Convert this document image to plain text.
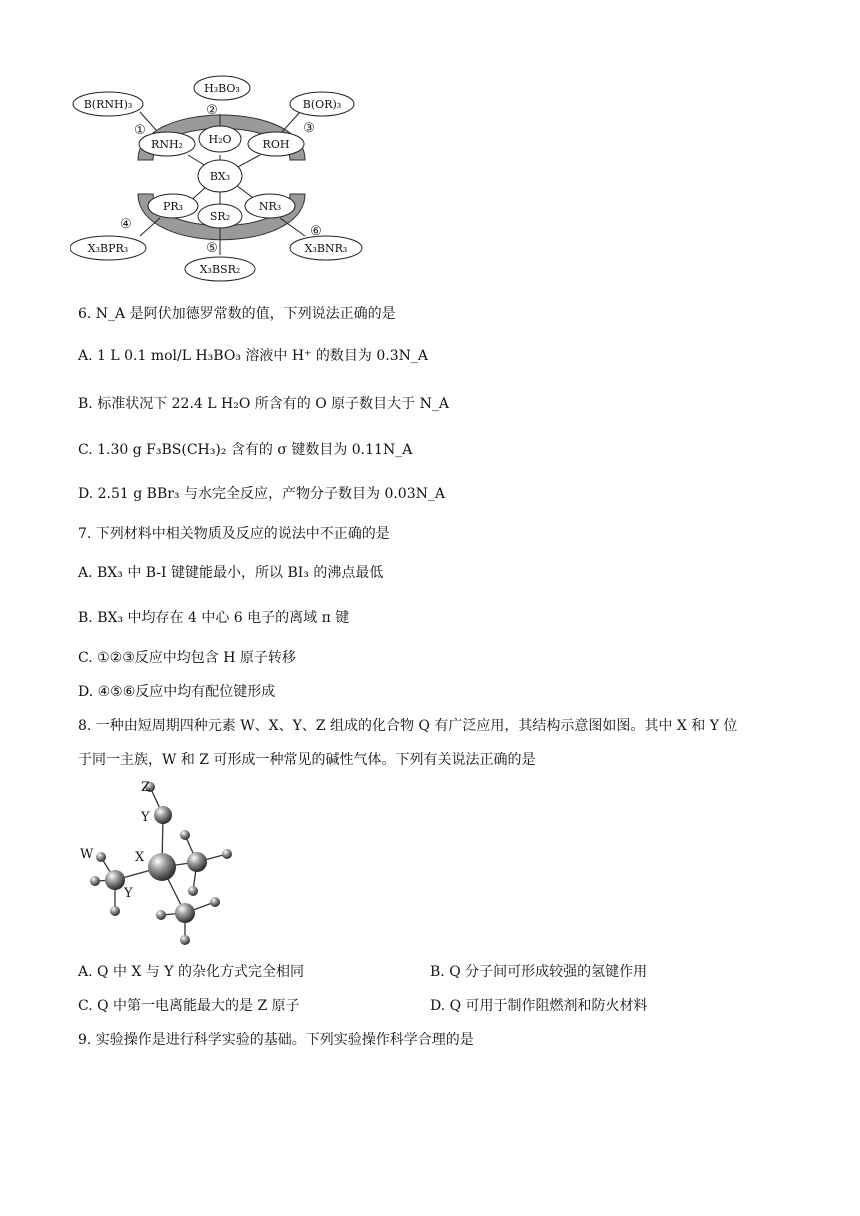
H₂O
RNH₂	ROH
BX₃
PR₃
SR₂
NR₃
H₃BO₃
B(RNH)₃	B(OR)₃
X₃BPR₃
X₃BSR₂
X₃BNR₃
①
②
③
④
⑤
⑥
6. N_A 是阿伏加德罗常数的值，下列说法正确的是
A. 1 L 0.1 mol/L H₃BO₃ 溶液中 H⁺ 的数目为 0.3N_A
B. 标准状况下 22.4 L H₂O 所含有的 O 原子数目大于 N_A
C. 1.30 g F₃BS(CH₃)₂ 含有的 σ 键数目为 0.11N_A
D. 2.51 g BBr₃ 与水完全反应，产物分子数目为 0.03N_A
7. 下列材料中相关物质及反应的说法中不正确的是
A. BX₃ 中 B-I 键键能最小，所以 BI₃ 的沸点最低
B. BX₃ 中均存在 4 中心 6 电子的离域 π 键
C. ①②③反应中均包含 H 原子转移
D. ④⑤⑥反应中均有配位键形成
8. 一种由短周期四种元素 W、X、Y、Z 组成的化合物 Q 有广泛应用，其结构示意图如图。其中 X 和 Y 位
于同一主族，W 和 Z 可形成一种常见的碱性气体。下列有关说法正确的是
Z
Y
W	X
Y
A. Q 中 X 与 Y 的杂化方式完全相同	B. Q 分子间可形成较强的氢键作用
C. Q 中第一电离能最大的是 Z 原子	D. Q 可用于制作阻燃剂和防火材料
9. 实验操作是进行科学实验的基础。下列实验操作科学合理的是
